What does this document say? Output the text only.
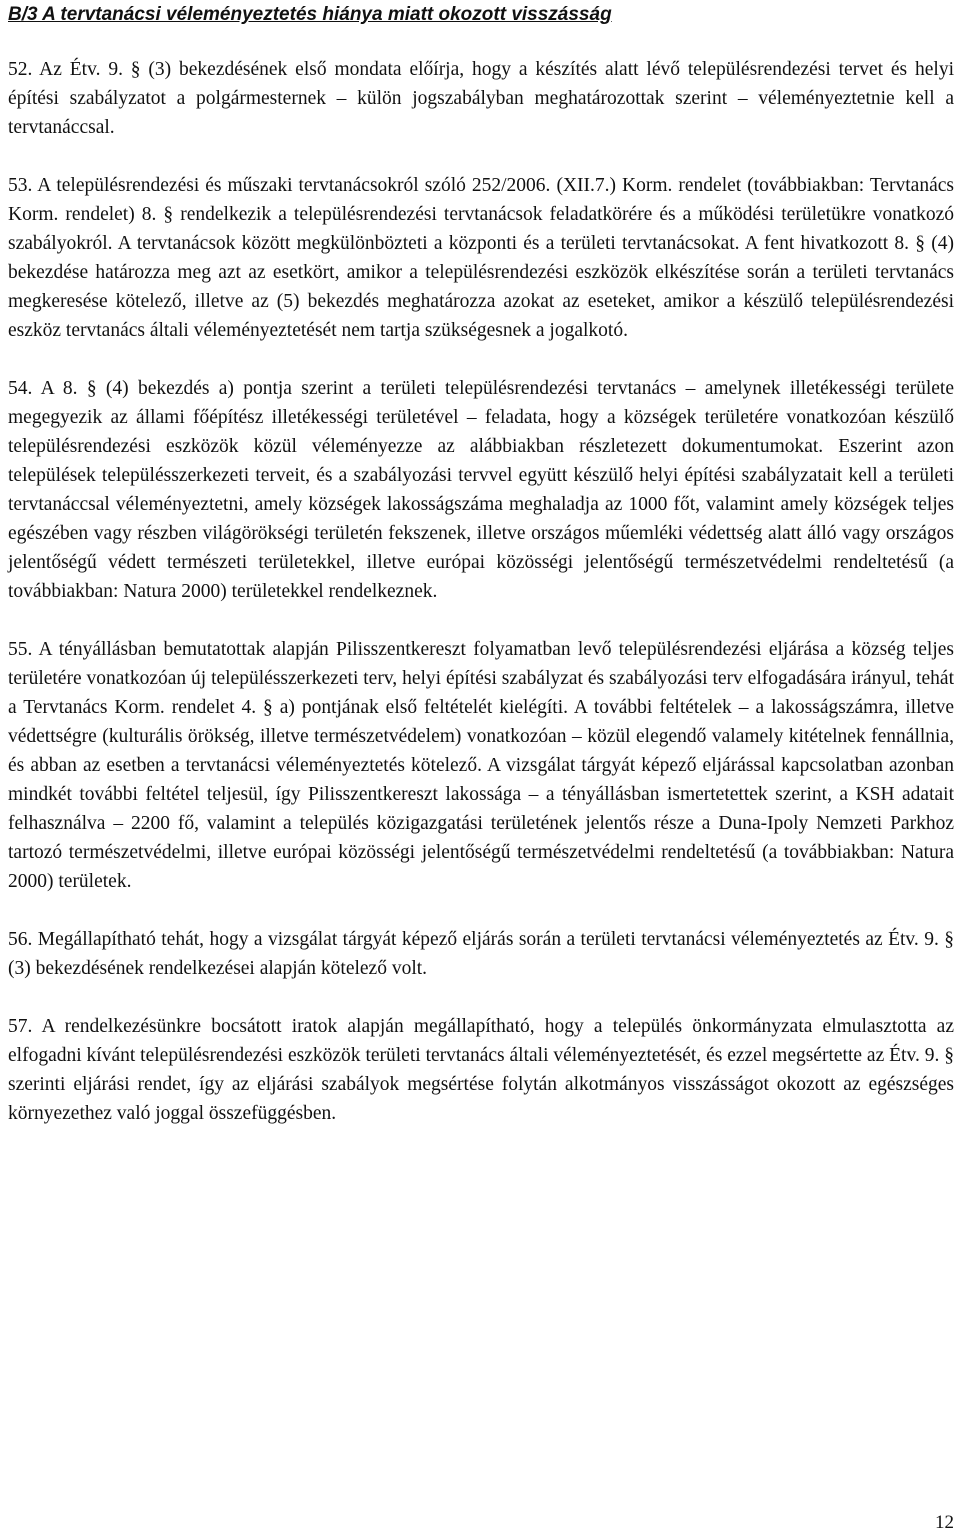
B/3 A tervtanácsi véleményeztetés hiánya miatt okozott visszásság

52. Az Étv. 9. § (3) bekezdésének első mondata előírja, hogy a készítés alatt lévő településrendezési tervet és helyi építési szabályzatot a polgármesternek – külön jogszabályban meghatározottak szerint – véleményeztetnie kell a tervtanáccsal.

53. A településrendezési és műszaki tervtanácsokról szóló 252/2006. (XII.7.) Korm. rendelet (továbbiakban: Tervtanács Korm. rendelet) 8. § rendelkezik a településrendezési tervtanácsok feladatkörére és a működési területükre vonatkozó szabályokról. A tervtanácsok között megkülönbözteti a központi és a területi tervtanácsokat. A fent hivatkozott 8. § (4) bekezdése határozza meg azt az esetkört, amikor a településrendezési eszközök elkészítése során a területi tervtanács megkeresése kötelező, illetve az (5) bekezdés meghatározza azokat az eseteket, amikor a készülő településrendezési eszköz tervtanács általi véleményeztetését nem tartja szükségesnek a jogalkotó.

54. A 8. § (4) bekezdés a) pontja szerint a területi településrendezési tervtanács – amelynek illetékességi területe megegyezik az állami főépítész illetékességi területével – feladata, hogy a községek területére vonatkozóan készülő településrendezési eszközök közül véleményezze az alábbiakban részletezett dokumentumokat. Eszerint azon települések településszerkezeti terveit, és a szabályozási tervvel együtt készülő helyi építési szabályzatait kell a területi tervtanáccsal véleményeztetni, amely községek lakosságszáma meghaladja az 1000 főt, valamint amely községek teljes egészében vagy részben világörökségi területén fekszenek, illetve országos műemléki védettség alatt álló vagy országos jelentőségű védett természeti területekkel, illetve európai közösségi jelentőségű természetvédelmi rendeltetésű (a továbbiakban: Natura 2000) területekkel rendelkeznek.

55. A tényállásban bemutatottak alapján Pilisszentkereszt folyamatban levő településrendezési eljárása a község teljes területére vonatkozóan új településszerkezeti terv, helyi építési szabályzat és szabályozási terv elfogadására irányul, tehát a Tervtanács Korm. rendelet 4. § a) pontjának első feltételét kielégíti. A további feltételek – a lakosságszámra, illetve védettségre (kulturális örökség, illetve természetvédelem) vonatkozóan – közül elegendő valamely kitételnek fennállnia, és abban az esetben a tervtanácsi véleményeztetés kötelező. A vizsgálat tárgyát képező eljárással kapcsolatban azonban mindkét további feltétel teljesül, így Pilisszentkereszt lakossága – a tényállásban ismertetettek szerint, a KSH adatait felhasználva – 2200 fő, valamint a település közigazgatási területének jelentős része a Duna-Ipoly Nemzeti Parkhoz tartozó természetvédelmi, illetve európai közösségi jelentőségű természetvédelmi rendeltetésű (a továbbiakban: Natura 2000) területek.

56. Megállapítható tehát, hogy a vizsgálat tárgyát képező eljárás során a területi tervtanácsi véleményeztetés az Étv. 9. § (3) bekezdésének rendelkezései alapján kötelező volt.

57. A rendelkezésünkre bocsátott iratok alapján megállapítható, hogy a település önkormányzata elmulasztotta az elfogadni kívánt településrendezési eszközök területi tervtanács általi véleményeztetését, és ezzel megsértette az Étv. 9. § szerinti eljárási rendet, így az eljárási szabályok megsértése folytán alkotmányos visszásságot okozott az egészséges környezethez való joggal összefüggésben.

12
